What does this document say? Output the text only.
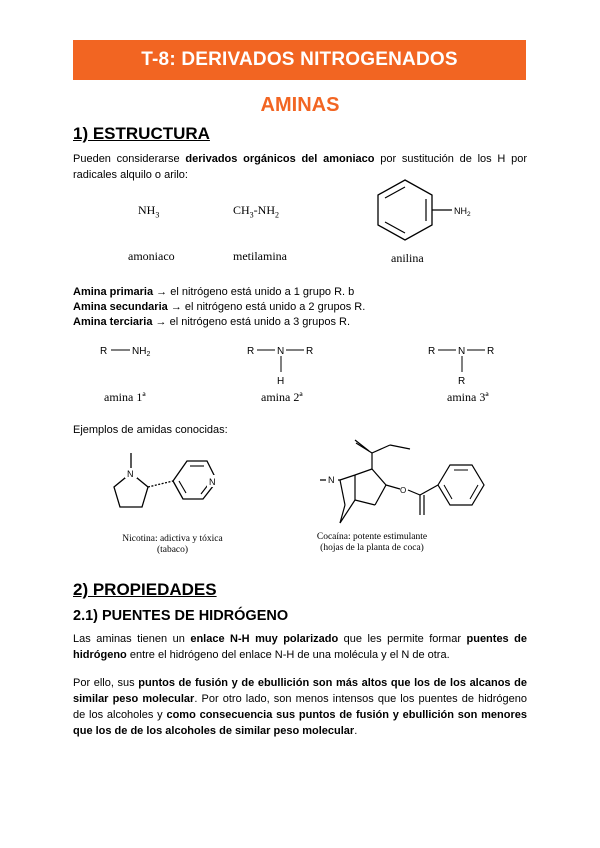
T-8: DERIVADOS NITROGENADOS
AMINAS
1) ESTRUCTURA
Pueden considerarse derivados orgánicos del amoniaco por sustitución de los H por radicales alquilo o arilo:
$NH_3$	$CH_3-NH_2$	$NH_2$
amoniaco	metilamina	anilina
Amina primaria → el nitrógeno está unido a 1 grupo R. b
Amina secundaria → el nitrógeno está unido a 2 grupos R.
Amina terciaria → el nitrógeno está unido a 3 grupos R.
R $NH_2$	R N R
H
R N R
R
amina 1ª	amina 2ª	amina 3ª
Ejemplos de amidas conocidas:
N
N
Nicotina: adictiva y tóxica
(tabaco)
N
O
Cocaína: potente estimulante
(hojas de la planta de coca)
2) PROPIEDADES
2.1) PUENTES DE HIDRÓGENO
Las aminas tienen un enlace N-H muy polarizado que les permite formar puentes de hidrógeno entre el hidrógeno del enlace N-H de una molécula y el N de otra.
Por ello, sus puntos de fusión y de ebullición son más altos que los de los alcanos de similar peso molecular. Por otro lado, son menos intensos que los puentes de hidrógeno de los alcoholes y como consecuencia sus puntos de fusión y ebullición son menores que los de de los alcoholes de similar peso molecular.
